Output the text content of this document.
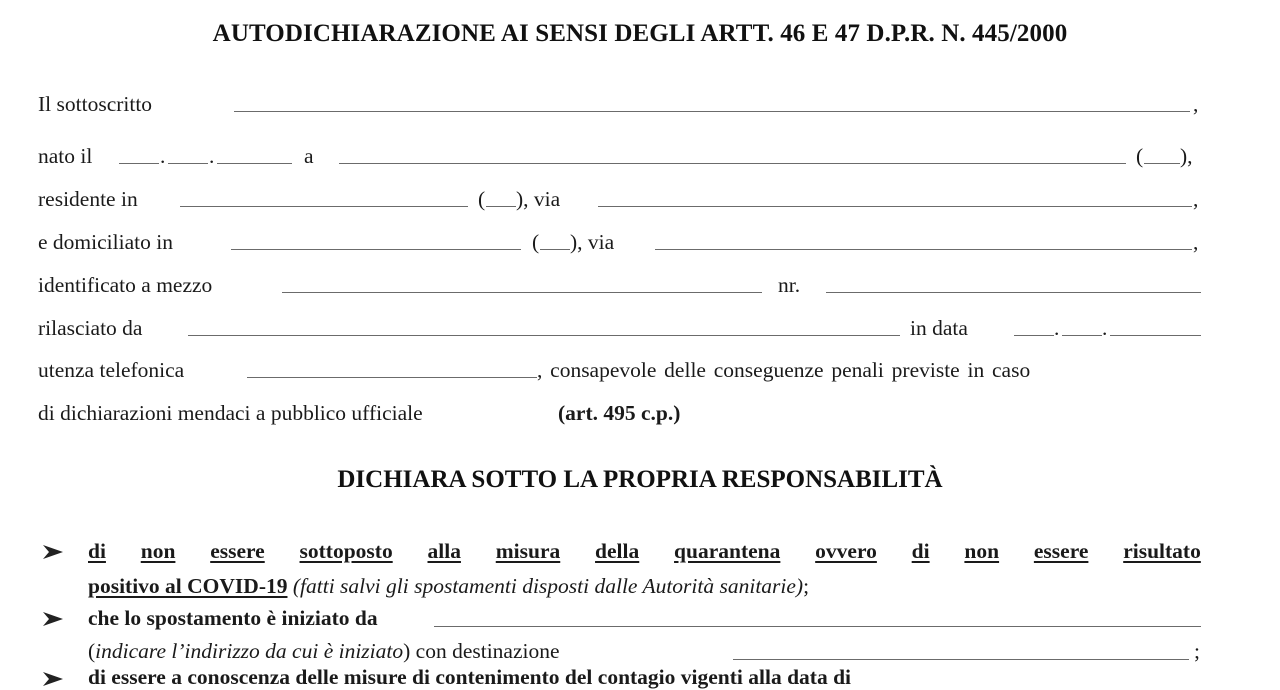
AUTODICHIARAZIONE AI SENSI DEGLI ARTT. 46 E 47 D.P.R. N. 445/2000
Il sottoscritto	,
nato il	. .	a	( ),
residente in	( ), via	,
e domiciliato in	( ), via	,
identificato a mezzo	nr.
rilasciato da	in data	. .
utenza telefonica	, consapevole delle conseguenze penali previste in caso
di dichiarazioni mendaci a pubblico ufficiale	(art. 495 c.p.)
DICHIARA SOTTO LA PROPRIA RESPONSABILITÀ
di non essere sottoposto alla misura della quarantena ovvero di non essere risultato
positivo al COVID-19 (fatti salvi gli spostamenti disposti dalle Autorità sanitarie);
che lo spostamento è iniziato da
(indicare l’indirizzo da cui è iniziato) con destinazione	;
di essere a conoscenza delle misure di contenimento del contagio vigenti alla data di
